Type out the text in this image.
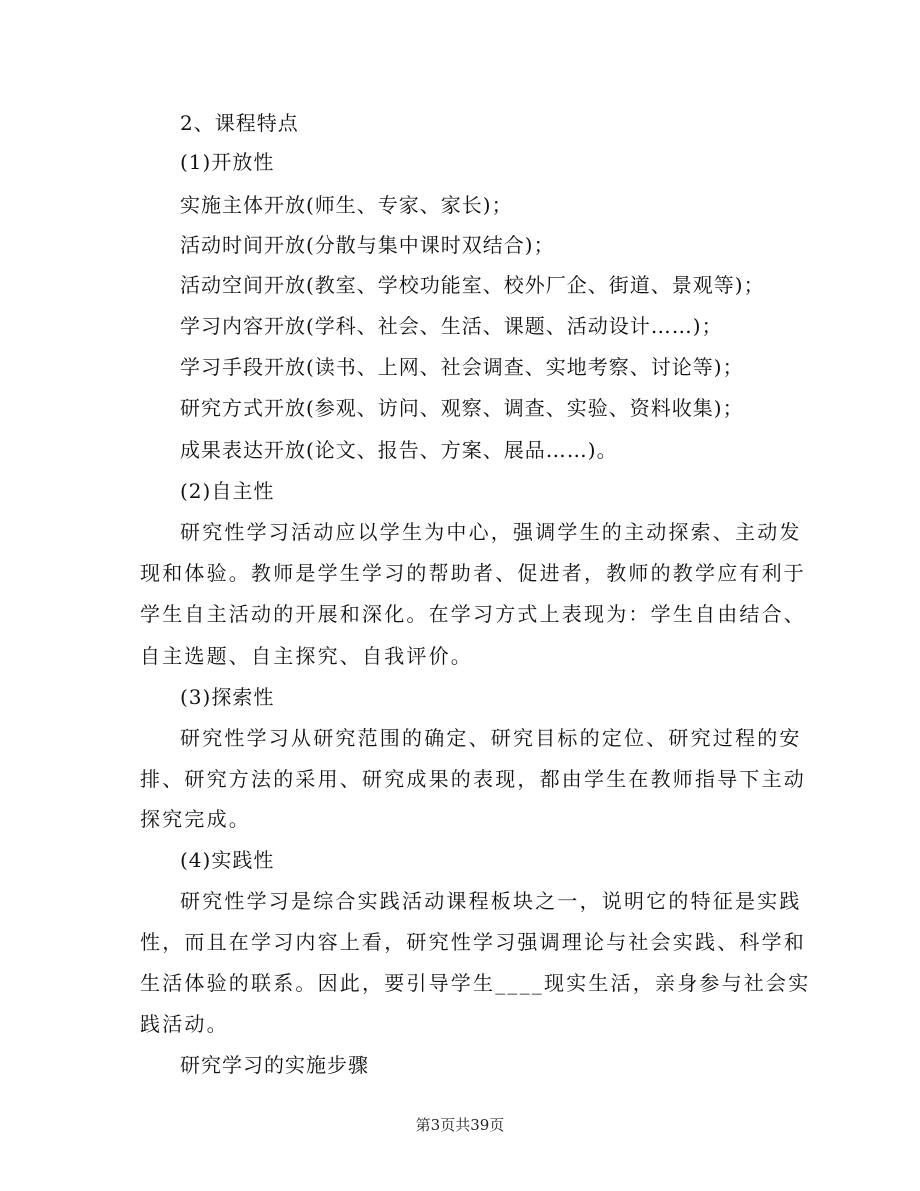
2、课程特点
(1)开放性
实施主体开放(师生、专家、家长)；
活动时间开放(分散与集中课时双结合)；
活动空间开放(教室、学校功能室、校外厂企、街道、景观等)；
学习内容开放(学科、社会、生活、课题、活动设计……)；
学习手段开放(读书、上网、社会调查、实地考察、讨论等)；
研究方式开放(参观、访问、观察、调查、实验、资料收集)；
成果表达开放(论文、报告、方案、展品……)。
(2)自主性
研究性学习活动应以学生为中心，强调学生的主动探索、主动发
现和体验。教师是学生学习的帮助者、促进者，教师的教学应有利于
学生自主活动的开展和深化。在学习方式上表现为：学生自由结合、
自主选题、自主探究、自我评价。
(3)探索性
研究性学习从研究范围的确定、研究目标的定位、研究过程的安
排、研究方法的采用、研究成果的表现，都由学生在教师指导下主动
探究完成。
(4)实践性
研究性学习是综合实践活动课程板块之一，说明它的特征是实践
性，而且在学习内容上看，研究性学习强调理论与社会实践、科学和
生活体验的联系。因此，要引导学生____现实生活，亲身参与社会实
践活动。
研究学习的实施步骤
第3页共39页
